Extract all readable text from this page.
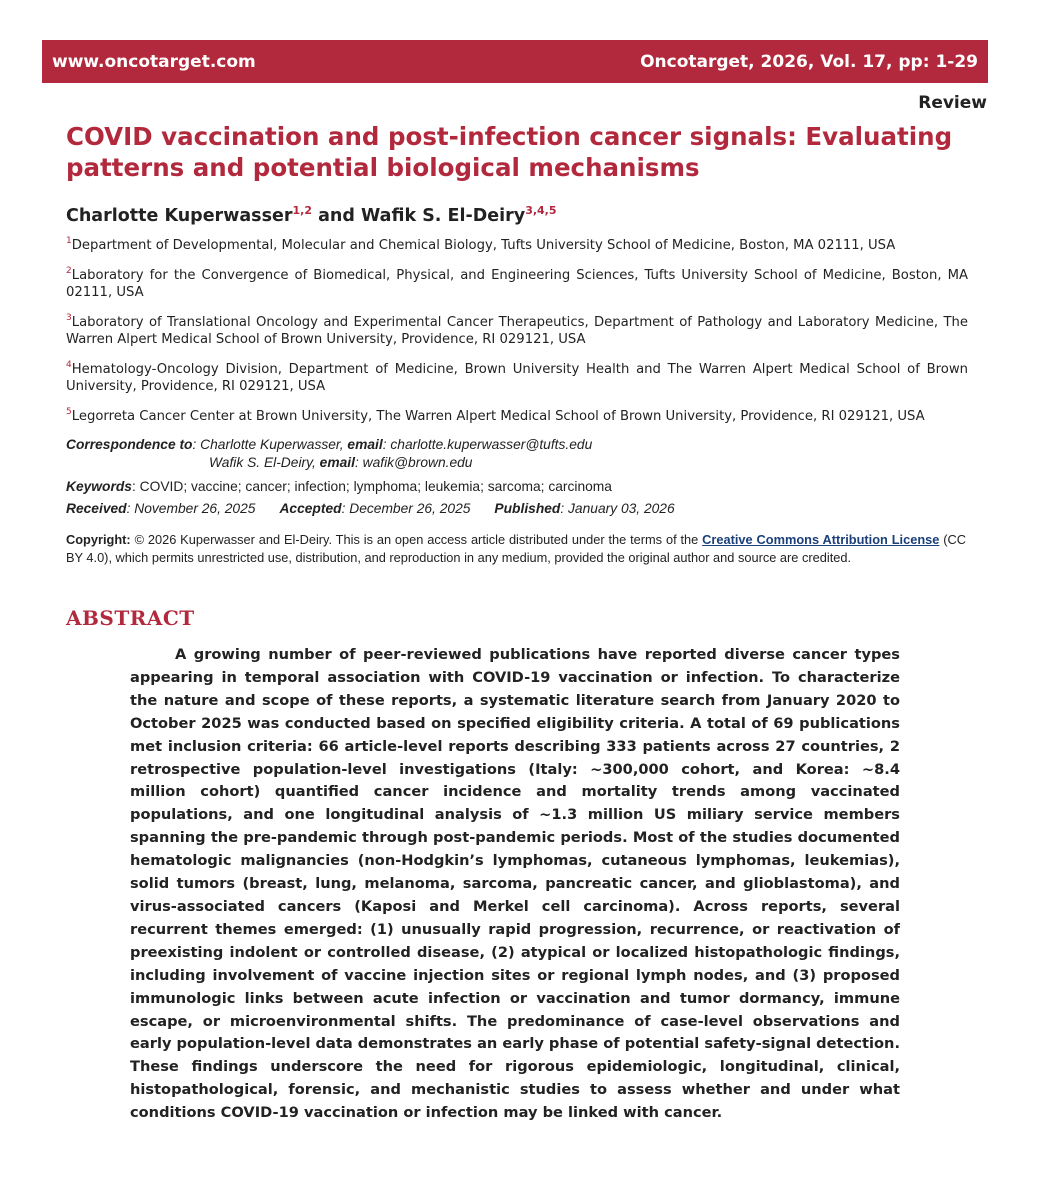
www.oncotarget.com	Oncotarget, 2026, Vol. 17, pp: 1-29
Review
COVID vaccination and post-infection cancer signals: Evaluating patterns and potential biological mechanisms
Charlotte Kuperwasser$^{1,2}$ and Wafik S. El-Deiry$^{3,4,5}$

$^1$Department of Developmental, Molecular and Chemical Biology, Tufts University School of Medicine, Boston, MA 02111, USA

$^2$Laboratory for the Convergence of Biomedical, Physical, and Engineering Sciences, Tufts University School of Medicine, Boston, MA 02111, USA

$^3$Laboratory of Translational Oncology and Experimental Cancer Therapeutics, Department of Pathology and Laboratory Medicine, The Warren Alpert Medical School of Brown University, Providence, RI 029121, USA

$^4$Hematology-Oncology Division, Department of Medicine, Brown University Health and The Warren Alpert Medical School of Brown University, Providence, RI 029121, USA

$^5$Legorreta Cancer Center at Brown University, The Warren Alpert Medical School of Brown University, Providence, RI 029121, USA

Correspondence to: Charlotte Kuperwasser, email: charlotte.kuperwasser@tufts.edu
Wafik S. El-Deiry, email: wafik@brown.edu
Keywords: COVID; vaccine; cancer; infection; lymphoma; leukemia; sarcoma; carcinoma
Received: November 26, 2025 Accepted: December 26, 2025 Published: January 03, 2026
Copyright: © 2026 Kuperwasser and El-Deiry. This is an open access article distributed under the terms of the Creative Commons Attribution License (CC BY 4.0), which permits unrestricted use, distribution, and reproduction in any medium, provided the original author and source are credited.
ABSTRACT

A growing number of peer-reviewed publications have reported diverse cancer types appearing in temporal association with COVID-19 vaccination or infection. To characterize the nature and scope of these reports, a systematic literature search from January 2020 to October 2025 was conducted based on specified eligibility criteria. A total of 69 publications met inclusion criteria: 66 article-level reports describing 333 patients across 27 countries, 2 retrospective population-level investigations (Italy: ~300,000 cohort, and Korea: ~8.4 million cohort) quantified cancer incidence and mortality trends among vaccinated populations, and one longitudinal analysis of ~1.3 million US miliary service members spanning the pre-pandemic through post-pandemic periods. Most of the studies documented hematologic malignancies (non-Hodgkin’s lymphomas, cutaneous lymphomas, leukemias), solid tumors (breast, lung, melanoma, sarcoma, pancreatic cancer, and glioblastoma), and virus-associated cancers (Kaposi and Merkel cell carcinoma). Across reports, several recurrent themes emerged: (1) unusually rapid progression, recurrence, or reactivation of preexisting indolent or controlled disease, (2) atypical or localized histopathologic findings, including involvement of vaccine injection sites or regional lymph nodes, and (3) proposed immunologic links between acute infection or vaccination and tumor dormancy, immune escape, or microenvironmental shifts. The predominance of case-level observations and early population-level data demonstrates an early phase of potential safety-signal detection. These findings underscore the need for rigorous epidemiologic, longitudinal, clinical, histopathological, forensic, and mechanistic studies to assess whether and under what conditions COVID-19 vaccination or infection may be linked with cancer.
